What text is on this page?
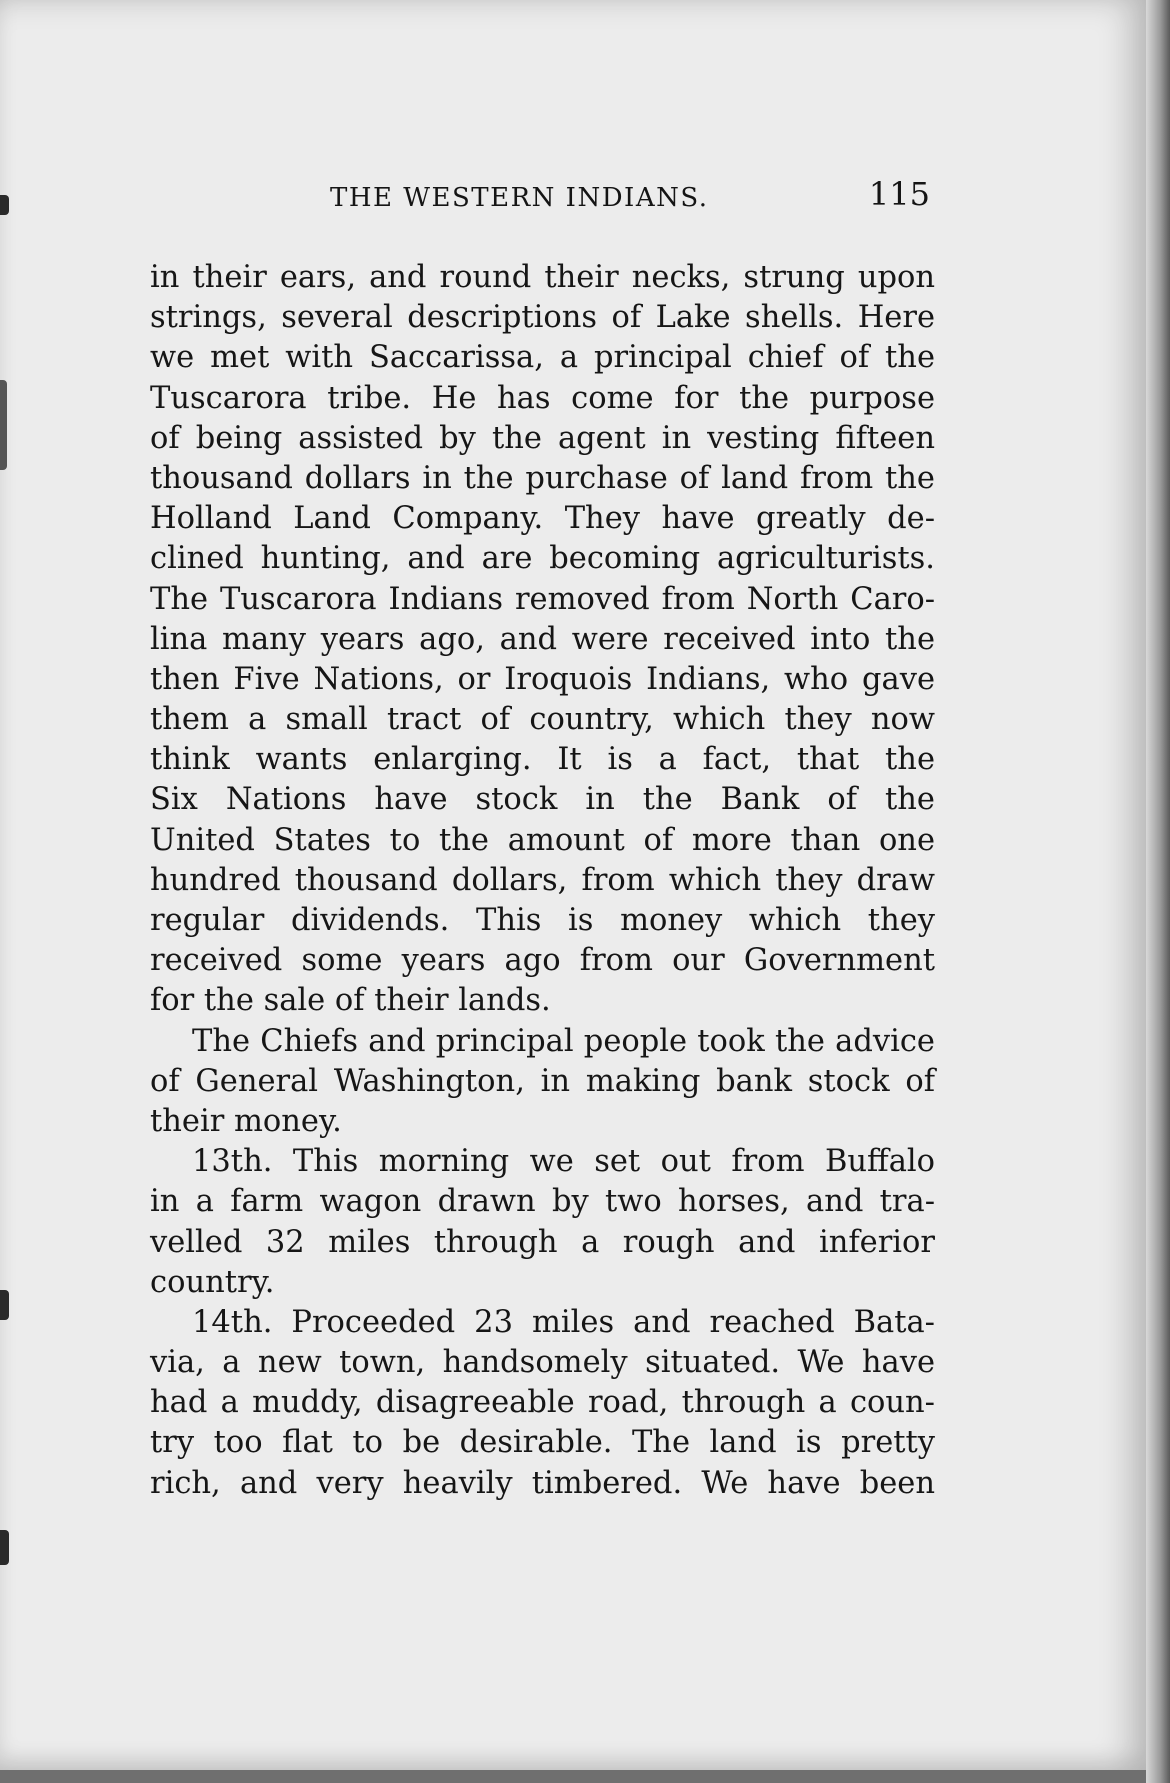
THE WESTERN INDIANS.	115
in their ears, and round their necks, strung upon
strings, several descriptions of Lake shells. Here
we met with Saccarissa, a principal chief of the
Tuscarora tribe. He has come for the purpose
of being assisted by the agent in vesting fifteen
thousand dollars in the purchase of land from the
Holland Land Company. They have greatly de-
clined hunting, and are becoming agriculturists.
The Tuscarora Indians removed from North Caro-
lina many years ago, and were received into the
then Five Nations, or Iroquois Indians, who gave
them a small tract of country, which they now
think wants enlarging. It is a fact, that the
Six Nations have stock in the Bank of the
United States to the amount of more than one
hundred thousand dollars, from which they draw
regular dividends. This is money which they
received some years ago from our Government
for the sale of their lands.
The Chiefs and principal people took the advice
of General Washington, in making bank stock of
their money.
13th. This morning we set out from Buffalo
in a farm wagon drawn by two horses, and tra-
velled 32 miles through a rough and inferior
country.
14th. Proceeded 23 miles and reached Bata-
via, a new town, handsomely situated. We have
had a muddy, disagreeable road, through a coun-
try too flat to be desirable. The land is pretty
rich, and very heavily timbered. We have been
